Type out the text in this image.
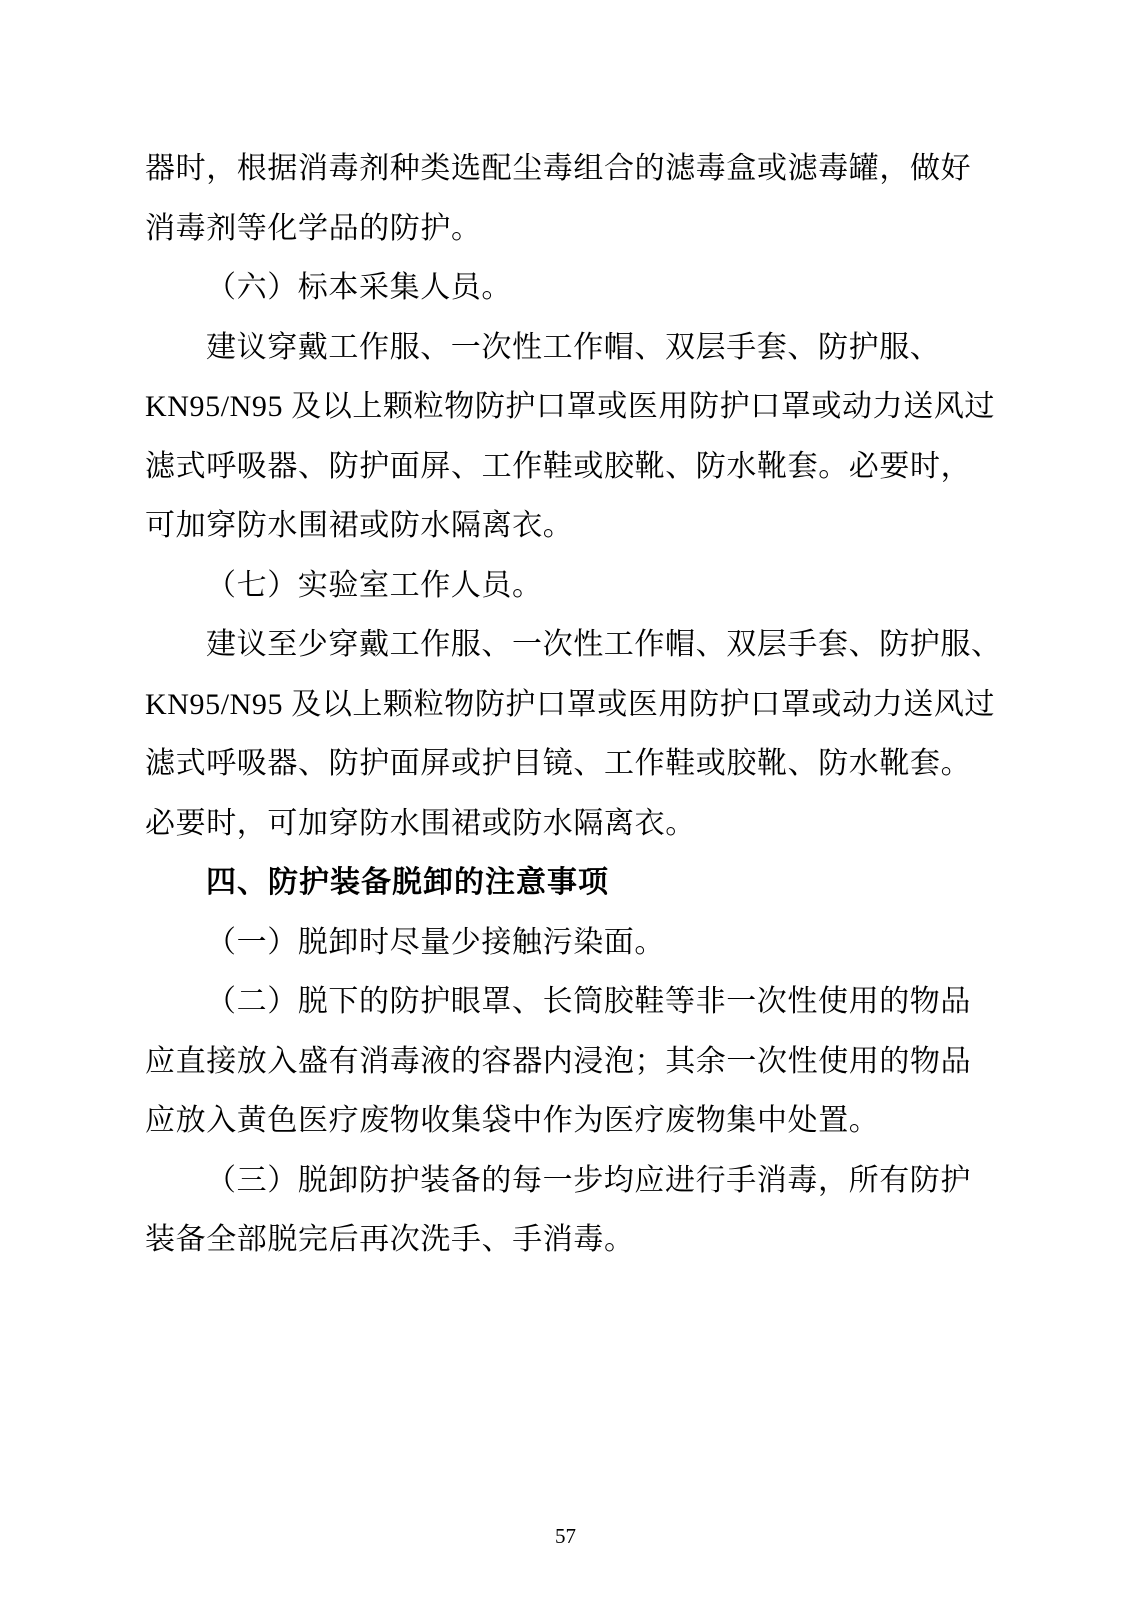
器时，根据消毒剂种类选配尘毒组合的滤毒盒或滤毒罐，做好
消毒剂等化学品的防护。
（六）标本采集人员。
建议穿戴工作服、一次性工作帽、双层手套、防护服、
KN95/N95 及以上颗粒物防护口罩或医用防护口罩或动力送风过
滤式呼吸器、防护面屏、工作鞋或胶靴、防水靴套。必要时，
可加穿防水围裙或防水隔离衣。
（七）实验室工作人员。
建议至少穿戴工作服、一次性工作帽、双层手套、防护服、
KN95/N95 及以上颗粒物防护口罩或医用防护口罩或动力送风过
滤式呼吸器、防护面屏或护目镜、工作鞋或胶靴、防水靴套。
必要时，可加穿防水围裙或防水隔离衣。
四、防护装备脱卸的注意事项
（一）脱卸时尽量少接触污染面。
（二）脱下的防护眼罩、长筒胶鞋等非一次性使用的物品
应直接放入盛有消毒液的容器内浸泡；其余一次性使用的物品
应放入黄色医疗废物收集袋中作为医疗废物集中处置。
（三）脱卸防护装备的每一步均应进行手消毒，所有防护
装备全部脱完后再次洗手、手消毒。
57
